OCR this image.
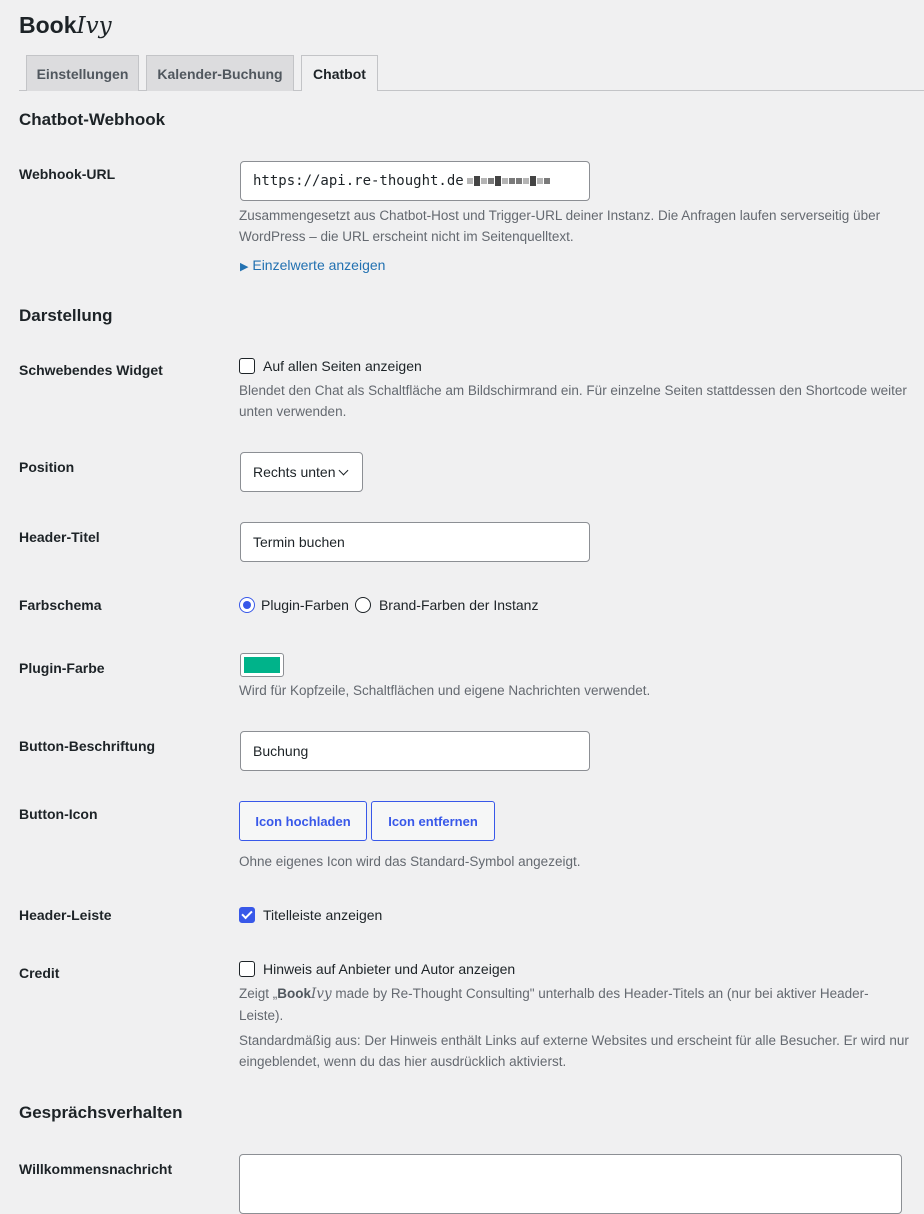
BookIvy
Einstellungen	Kalender-Buchung	Chatbot
Chatbot-Webhook
Webhook-URL	https://api.re-thought.de
Zusammengesetzt aus Chatbot-Host und Trigger-URL deiner Instanz. Die Anfragen laufen serverseitig über WordPress – die URL erscheint nicht im Seitenquelltext.
▶ Einzelwerte anzeigen
Darstellung
Schwebendes Widget	Auf allen Seiten anzeigen
Blendet den Chat als Schaltfläche am Bildschirmrand ein. Für einzelne Seiten stattdessen den Shortcode weiter unten verwenden.
Position	Rechts unten
Header-Titel	Termin buchen
Farbschema	Plugin-Farben Brand-Farben der Instanz
Plugin-Farbe
Wird für Kopfzeile, Schaltflächen und eigene Nachrichten verwendet.
Button-Beschriftung	Buchung
Button-Icon	Icon hochladen	Icon entfernen
Ohne eigenes Icon wird das Standard-Symbol angezeigt.
Header-Leiste	Titelleiste anzeigen
Credit	Hinweis auf Anbieter und Autor anzeigen
Zeigt „BookIvy made by Re-Thought Consulting" unterhalb des Header-Titels an (nur bei aktiver Header-Leiste).
Standardmäßig aus: Der Hinweis enthält Links auf externe Websites und erscheint für alle Besucher. Er wird nur eingeblendet, wenn du das hier ausdrücklich aktivierst.
Gesprächsverhalten
Willkommensnachricht
